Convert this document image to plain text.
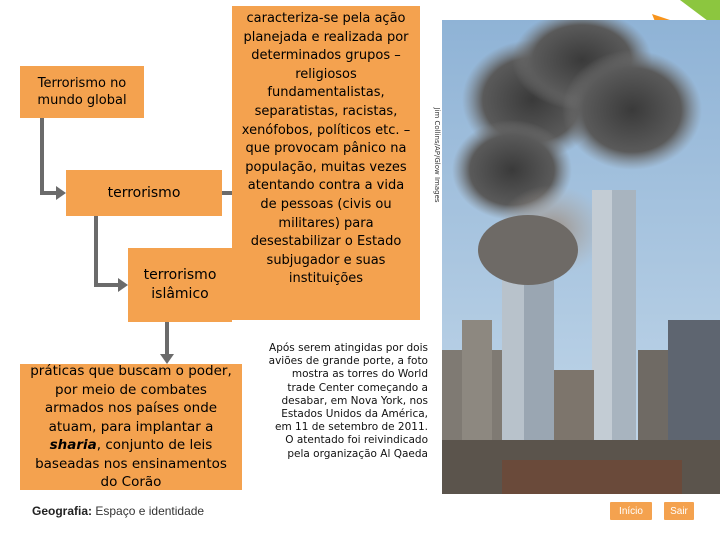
Terrorismo no mundo global
terrorismo
terrorismo islâmico
práticas que buscam o poder, por meio de combates armados nos países onde atuam, para implantar a sharia, conjunto de leis baseadas nos ensinamentos do Corão
caracteriza-se pela ação planejada e realizada por determinados grupos – religiosos fundamentalistas, separatistas, racistas, xenófobos, políticos etc. – que provocam pânico na população, muitas vezes atentando contra a vida de pessoas (civis ou militares) para desestabilizar o Estado subjugador e suas instituições
Jim Collins/AP/Glow Images
Após serem atingidas por dois aviões de grande porte, a foto mostra as torres do World trade Center começando a desabar, em Nova York, nos Estados Unidos da América, em 11 de setembro de 2011. O atentado foi reivindicado pela organização Al Qaeda
Geografia: Espaço e identidade	Início	Sair
